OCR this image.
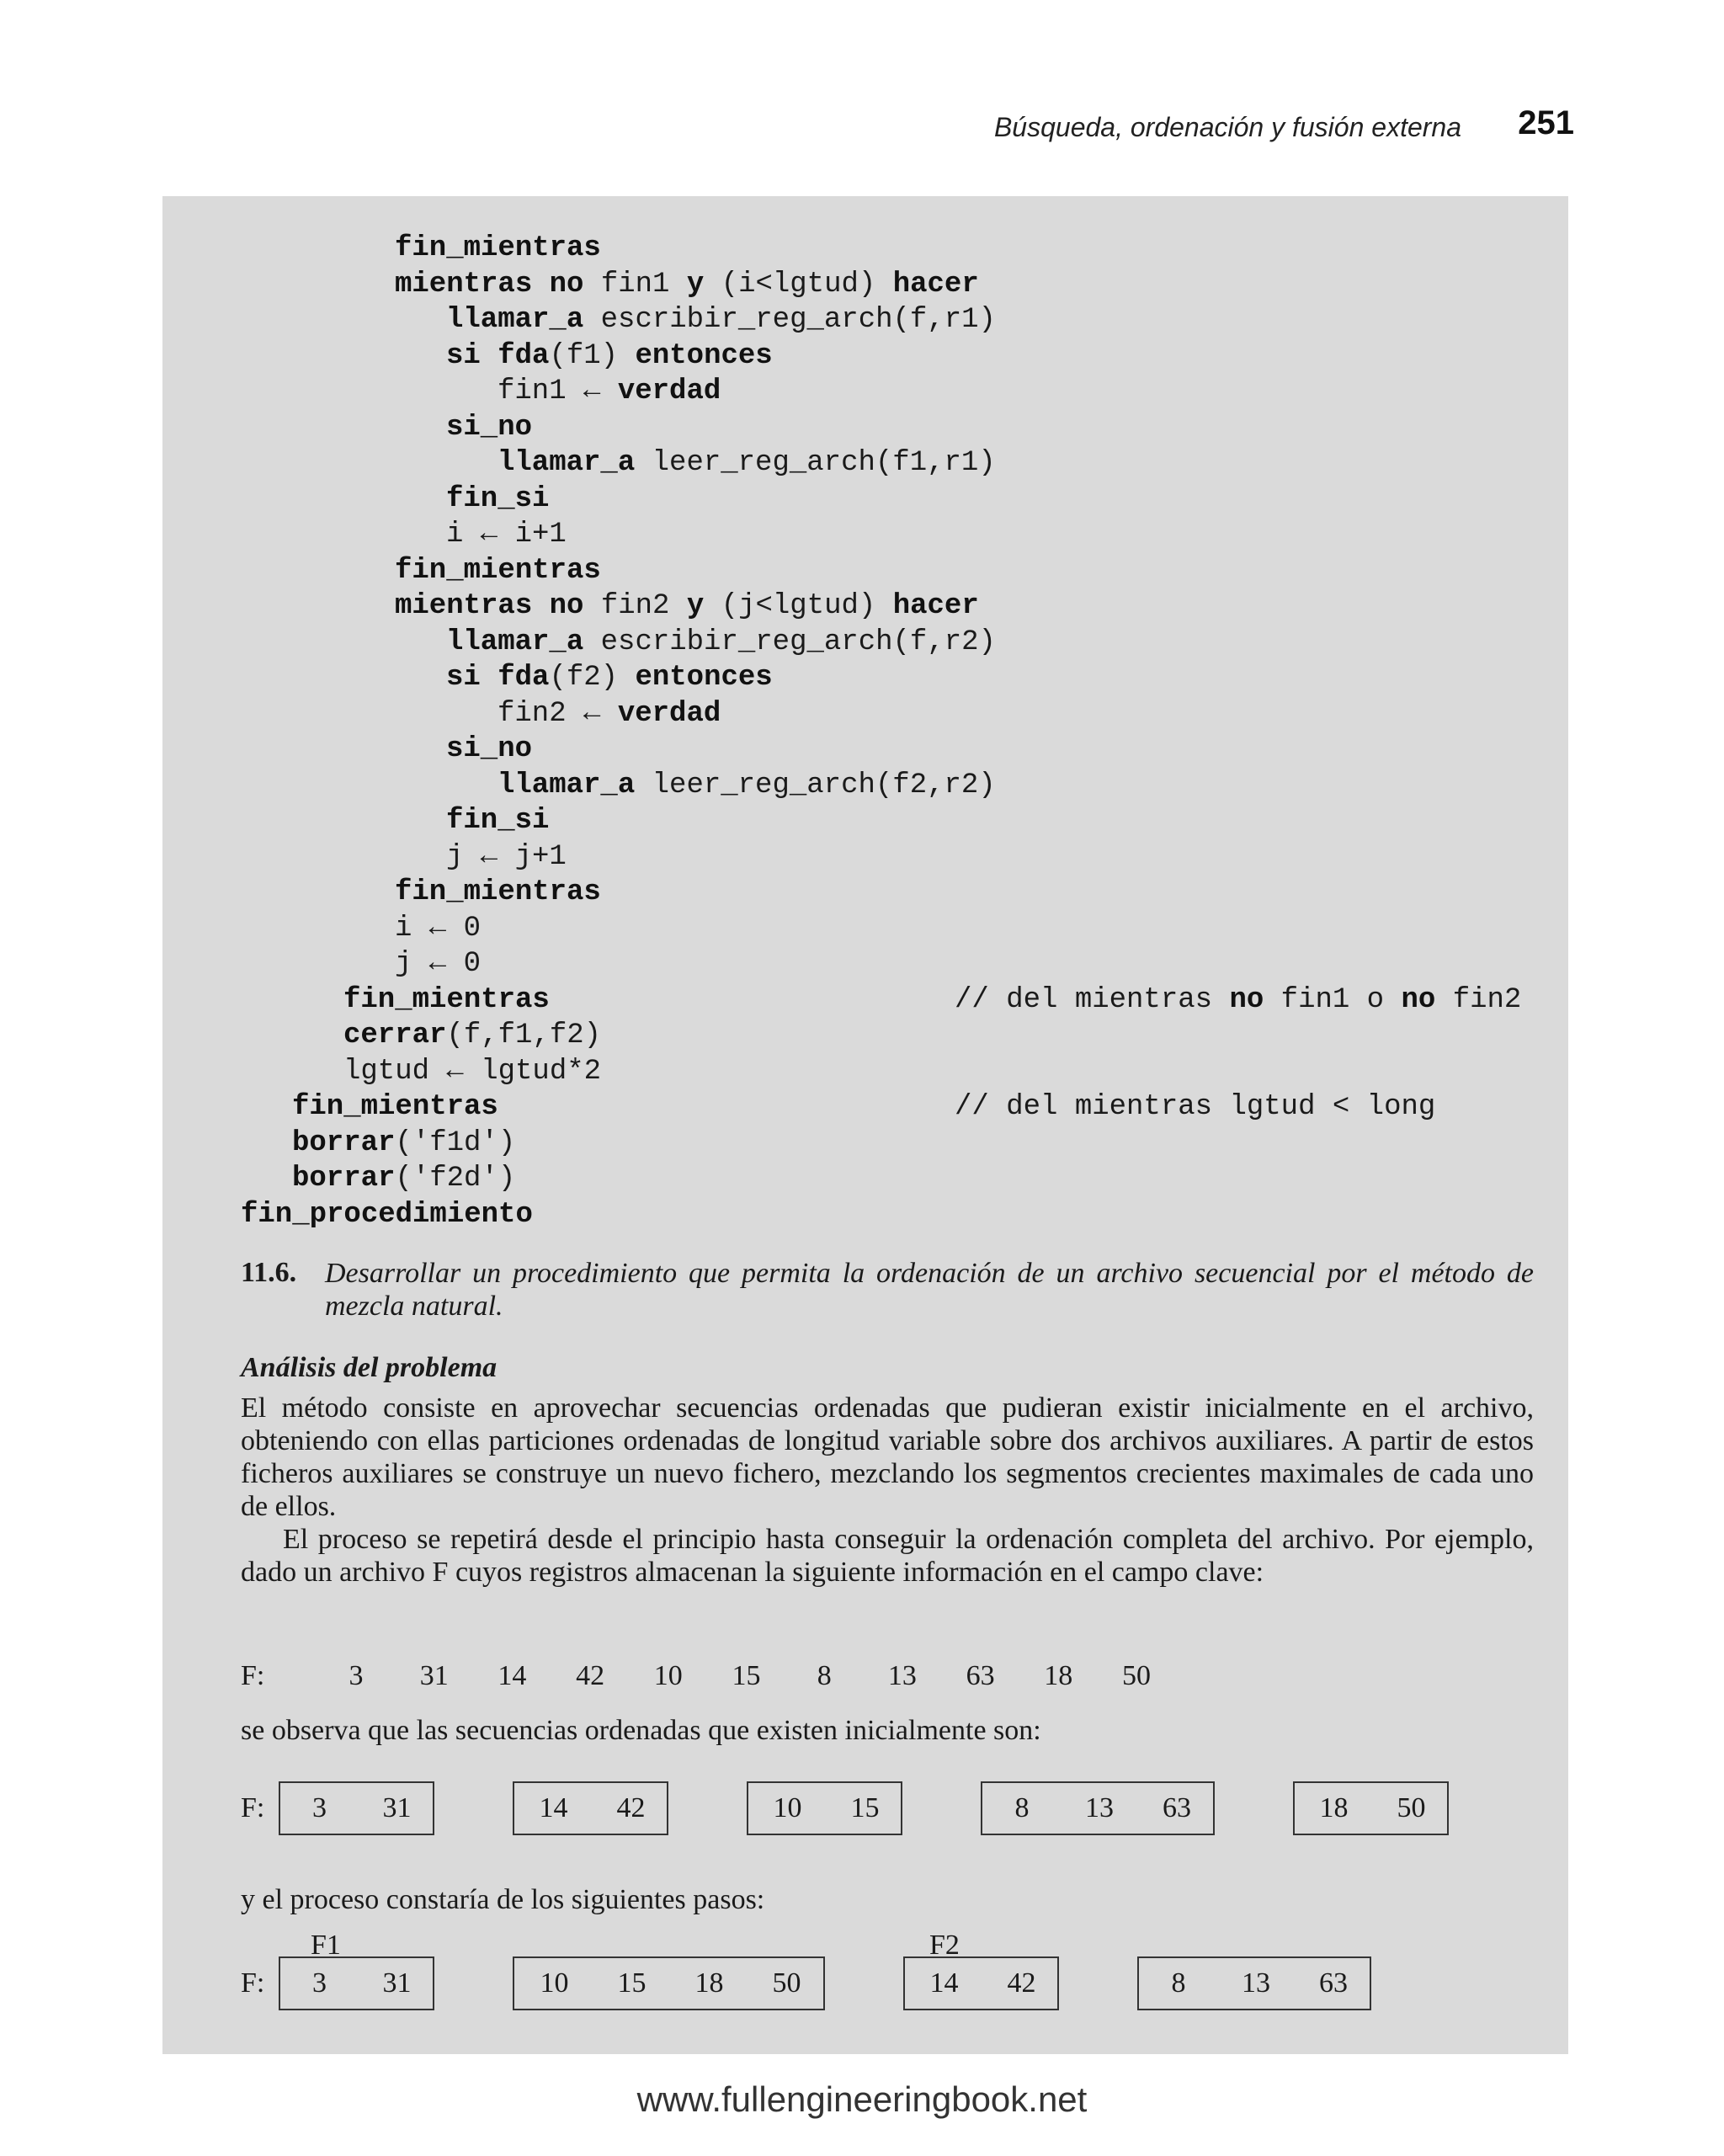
Búsqueda, ordenación y fusión externa	251
fin_mientras
mientras no fin1 y (i<lgtud) hacer
llamar_a escribir_reg_arch(f,r1)
si fda(f1) entonces
fin1 ← verdad
si_no
llamar_a leer_reg_arch(f1,r1)
fin_si
i ← i+1
fin_mientras
mientras no fin2 y (j<lgtud) hacer
llamar_a escribir_reg_arch(f,r2)
si fda(f2) entonces
fin2 ← verdad
si_no
llamar_a leer_reg_arch(f2,r2)
fin_si
j ← j+1
fin_mientras
i ← 0
j ← 0
fin_mientras	// del mientras no fin1 o no fin2
cerrar(f,f1,f2)
lgtud ← lgtud*2
fin_mientras	// del mientras lgtud < long
borrar('f1d')
borrar('f2d')
fin_procedimiento
11.6. Desarrollar un procedimiento que permita la ordenación de un archivo secuencial por el método de mezcla natural.
Análisis del problema
El método consiste en aprovechar secuencias ordenadas que pudieran existir inicialmente en el archivo, obteniendo con ellas particiones ordenadas de longitud variable sobre dos archivos auxiliares. A partir de estos ficheros auxiliares se construye un nuevo fichero, mezclando los segmentos crecientes maximales de cada uno de ellos.
El proceso se repetirá desde el principio hasta conseguir la ordenación completa del archivo. Por ejemplo, dado un archivo F cuyos registros almacenan la siguiente información en el campo clave:
F:	3	31	14	42	10	15	8	13	63	18	50
se observa que las secuencias ordenadas que existen inicialmente son:
F:	3	31	14	42	10	15	8	13	63	18	50
y el proceso constaría de los siguientes pasos:
F1	F2
F:	3	31	10	15	18	50	14	42	8	13	63
www.fullengineeringbook.net
